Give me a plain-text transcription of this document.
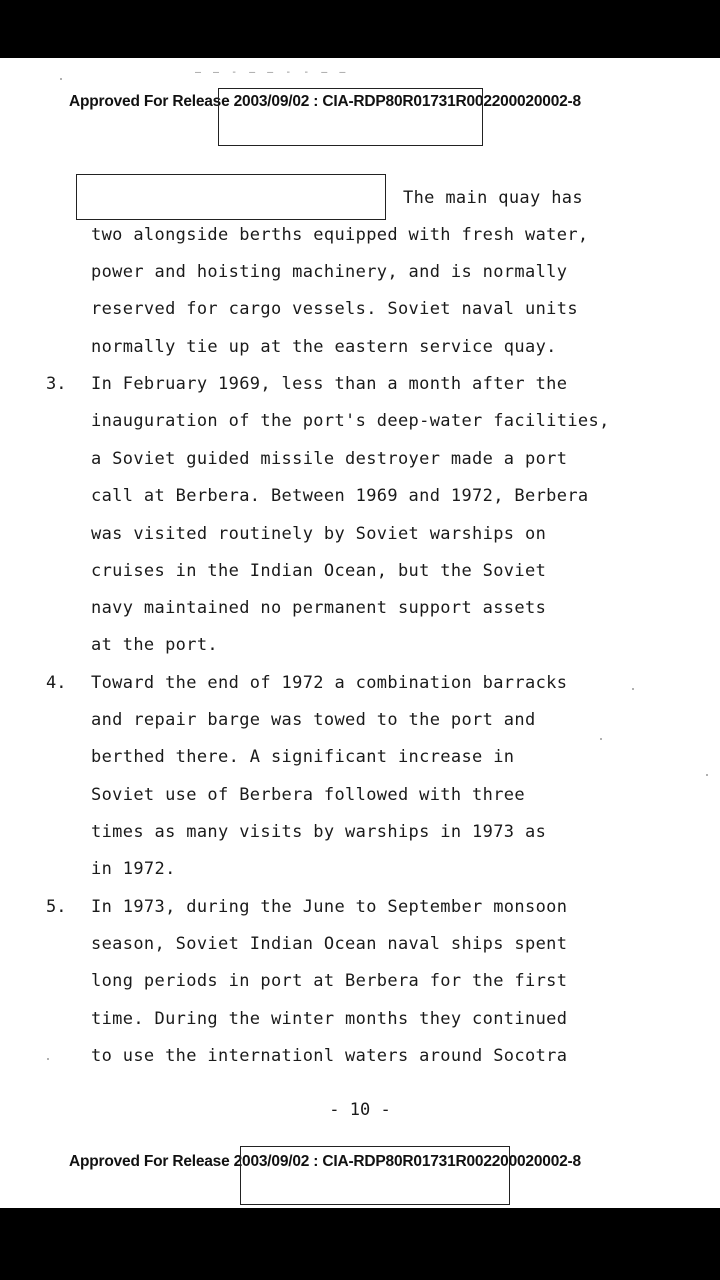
— — - — — - - — —
Approved For Release 2003/09/02 : CIA-RDP80R01731R002200020002-8
The main quay has
two alongside berths equipped with fresh water,
power and hoisting machinery, and is normally
reserved for cargo vessels. Soviet naval units
normally tie up at the eastern service quay.
3. In February 1969, less than a month after the
inauguration of the port's deep-water facilities,
a Soviet guided missile destroyer made a port
call at Berbera. Between 1969 and 1972, Berbera
was visited routinely by Soviet warships on
cruises in the Indian Ocean, but the Soviet
navy maintained no permanent support assets
at the port.
4. Toward the end of 1972 a combination barracks
and repair barge was towed to the port and
berthed there. A significant increase in
Soviet use of Berbera followed with three
times as many visits by warships in 1973 as
in 1972.
5. In 1973, during the June to September monsoon
season, Soviet Indian Ocean naval ships spent
long periods in port at Berbera for the first
time. During the winter months they continued
to use the internationl waters around Socotra
- 10 -
Approved For Release 2003/09/02 : CIA-RDP80R01731R002200020002-8
